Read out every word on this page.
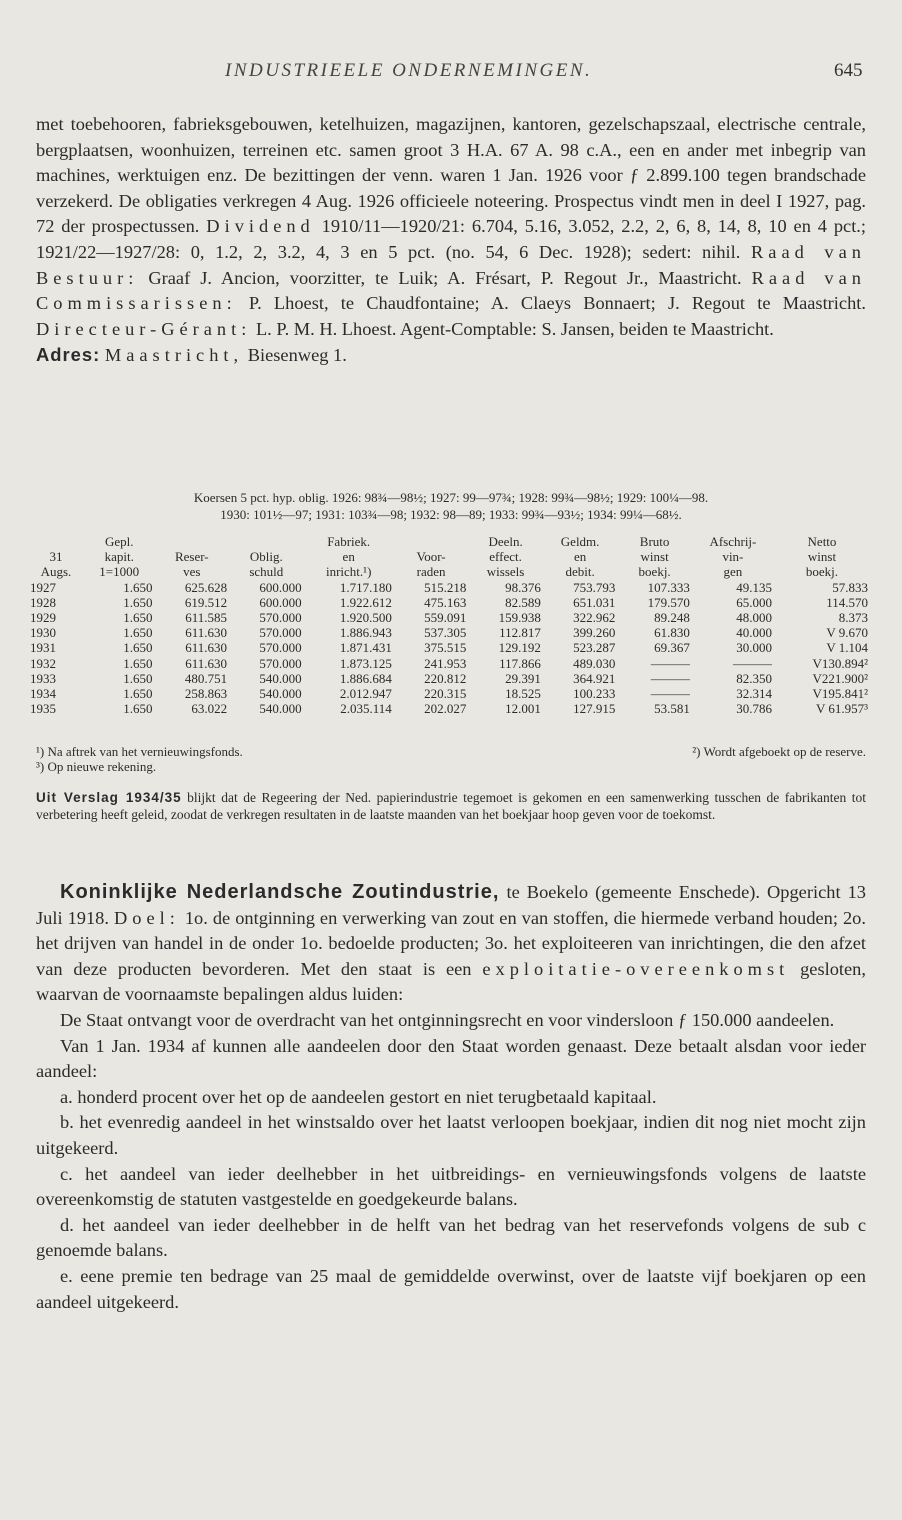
INDUSTRIEELE ONDERNEMINGEN.	645

met toebehooren, fabrieksgebouwen, ketelhuizen, magazijnen, kantoren, gezelschapszaal, electrische centrale, bergplaatsen, woonhuizen, terreinen etc. samen groot 3 H.A. 67 A. 98 c.A., een en ander met inbegrip van machines, werktuigen enz. De bezittingen der venn. waren 1 Jan. 1926 voor ƒ 2.899.100 tegen brandschade verzekerd. De obligaties verkregen 4 Aug. 1926 officieele noteering. Prospectus vindt men in deel I 1927, pag. 72 der prospectussen. Dividend 1910/11—1920/21: 6.704, 5.16, 3.052, 2.2, 2, 6, 8, 14, 8, 10 en 4 pct.; 1921/22—1927/28: 0, 1.2, 2, 3.2, 4, 3 en 5 pct. (no. 54, 6 Dec. 1928); sedert: nihil. Raad van Bestuur: Graaf J. Ancion, voorzitter, te Luik; A. Frésart, P. Regout Jr., Maastricht. Raad van Commissarissen: P. Lhoest, te Chaudfontaine; A. Claeys Bonnaert; J. Regout te Maastricht. Directeur-Gérant: L. P. M. H. Lhoest. Agent-Comptable: S. Jansen, beiden te Maastricht.

Adres: Maastricht, Biesenweg 1.

Koersen 5 pct. hyp. oblig. 1926: 98¾—98½; 1927: 99—97¾; 1928: 99¾—98½; 1929: 100¼—98.

1930: 101½—97; 1931: 103¾—98; 1932: 98—89; 1933: 99¾—93½; 1934: 99¼—68½.

	Gepl.			Fabriek.		Deeln.	Geldm.	Bruto	Afschrij-	Netto
31	kapit.	Reser-	Oblig.	en	Voor-	effect.	en	winst	vin-	winst
Augs.	1=1000	ves	schuld	inricht.¹)	raden	wissels	debit.	boekj.	gen	boekj.
1927	1.650	625.628	600.000	1.717.180	515.218	98.376	753.793	107.333	49.135	57.833
1928	1.650	619.512	600.000	1.922.612	475.163	82.589	651.031	179.570	65.000	114.570
1929	1.650	611.585	570.000	1.920.500	559.091	159.938	322.962	89.248	48.000	8.373
1930	1.650	611.630	570.000	1.886.943	537.305	112.817	399.260	61.830	40.000	V 9.670
1931	1.650	611.630	570.000	1.871.431	375.515	129.192	523.287	69.367	30.000	V 1.104
1932	1.650	611.630	570.000	1.873.125	241.953	117.866	489.030	———	———	V130.894²
1933	1.650	480.751	540.000	1.886.684	220.812	29.391	364.921	———	82.350	V221.900²
1934	1.650	258.863	540.000	2.012.947	220.315	18.525	100.233	———	32.314	V195.841²
1935	1.650	63.022	540.000	2.035.114	202.027	12.001	127.915	53.581	30.786	V 61.957³
¹) Na aftrek van het vernieuwingsfonds.	²) Wordt afgeboekt op de reserve.
³) Op nieuwe rekening.

Uit Verslag 1934/35 blijkt dat de Regeering der Ned. papierindustrie tegemoet is gekomen en een samenwerking tusschen de fabrikanten tot verbetering heeft geleid, zoodat de verkregen resultaten in de laatste maanden van het boekjaar hoop geven voor de toekomst.

Koninklijke Nederlandsche Zoutindustrie, te Boekelo (gemeente Enschede). Opgericht 13 Juli 1918. Doel: 1o. de ontginning en verwerking van zout en van stoffen, die hiermede verband houden; 2o. het drijven van handel in de onder 1o. bedoelde producten; 3o. het exploiteeren van inrichtingen, die den afzet van deze producten bevorderen. Met den staat is een exploitatie-overeenkomst gesloten, waarvan de voornaamste bepalingen aldus luiden:

De Staat ontvangt voor de overdracht van het ontginningsrecht en voor vindersloon ƒ 150.000 aandeelen.

Van 1 Jan. 1934 af kunnen alle aandeelen door den Staat worden genaast. Deze betaalt alsdan voor ieder aandeel:

a. honderd procent over het op de aandeelen gestort en niet terugbetaald kapitaal.

b. het evenredig aandeel in het winstsaldo over het laatst verloopen boekjaar, indien dit nog niet mocht zijn uitgekeerd.

c. het aandeel van ieder deelhebber in het uitbreidings- en vernieuwingsfonds volgens de laatste overeenkomstig de statuten vastgestelde en goedgekeurde balans.

d. het aandeel van ieder deelhebber in de helft van het bedrag van het reservefonds volgens de sub c genoemde balans.

e. eene premie ten bedrage van 25 maal de gemiddelde overwinst, over de laatste vijf boekjaren op een aandeel uitgekeerd.
